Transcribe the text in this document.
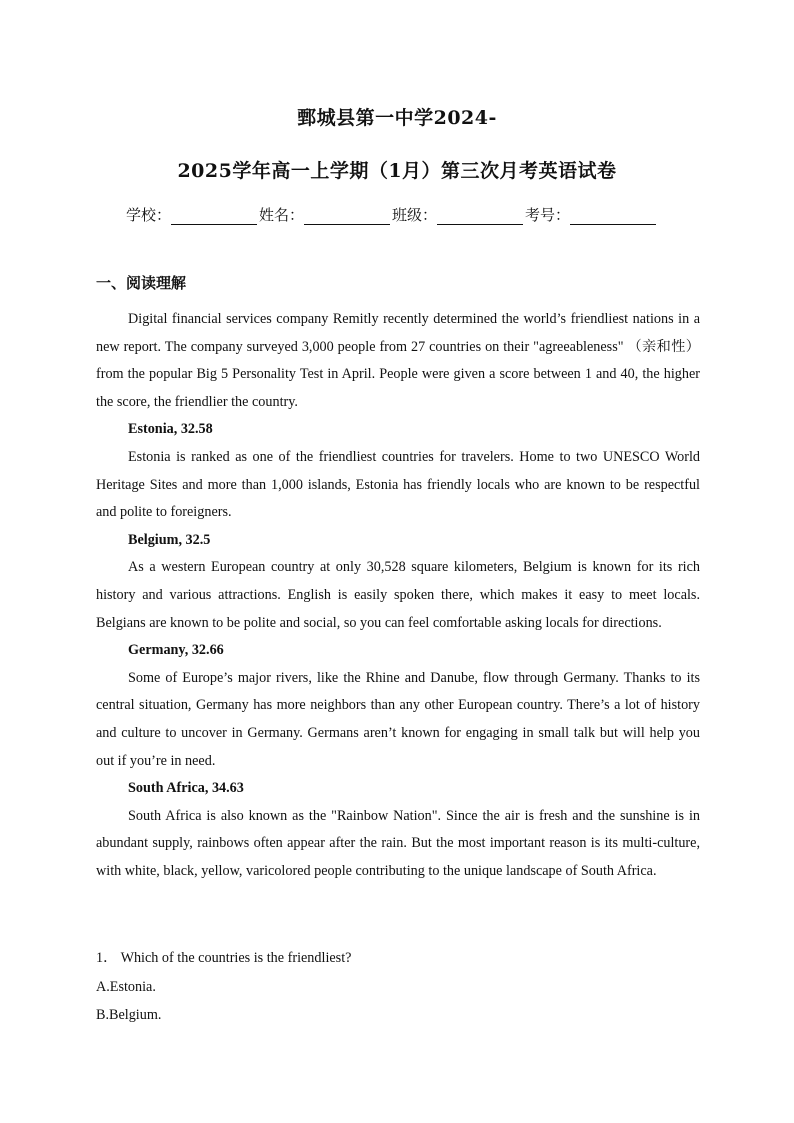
鄄城县第一中学2024-
2025学年高一上学期（1月）第三次月考英语试卷
学校：	姓名：	班级：	考号：
一、阅读理解

Digital financial services company Remitly recently determined the world’s friendliest nations in a new report. The company surveyed 3,000 people from 27 countries on their "agreeableness" （亲和性） from the popular Big 5 Personality Test in April. People were given a score between 1 and 40, the higher the score, the friendlier the country.

Estonia, 32.58

Estonia is ranked as one of the friendliest countries for travelers. Home to two UNESCO World Heritage Sites and more than 1,000 islands, Estonia has friendly locals who are known to be respectful and polite to foreigners.

Belgium, 32.5

As a western European country at only 30,528 square kilometers, Belgium is known for its rich history and various attractions. English is easily spoken there, which makes it easy to meet locals. Belgians are known to be polite and social, so you can feel comfortable asking locals for directions.

Germany, 32.66

Some of Europe’s major rivers, like the Rhine and Danube, flow through Germany. Thanks to its central situation, Germany has more neighbors than any other European country. There’s a lot of history and culture to uncover in Germany. Germans aren’t known for engaging in small talk but will help you out if you’re in need.

South Africa, 34.63

South Africa is also known as the "Rainbow Nation". Since the air is fresh and the sunshine is in abundant supply, rainbows often appear after the rain. But the most important reason is its multi-culture, with white, black, yellow, varicolored people contributing to the unique landscape of South Africa.

1． Which of the countries is the friendliest?
A.Estonia.
B.Belgium.
